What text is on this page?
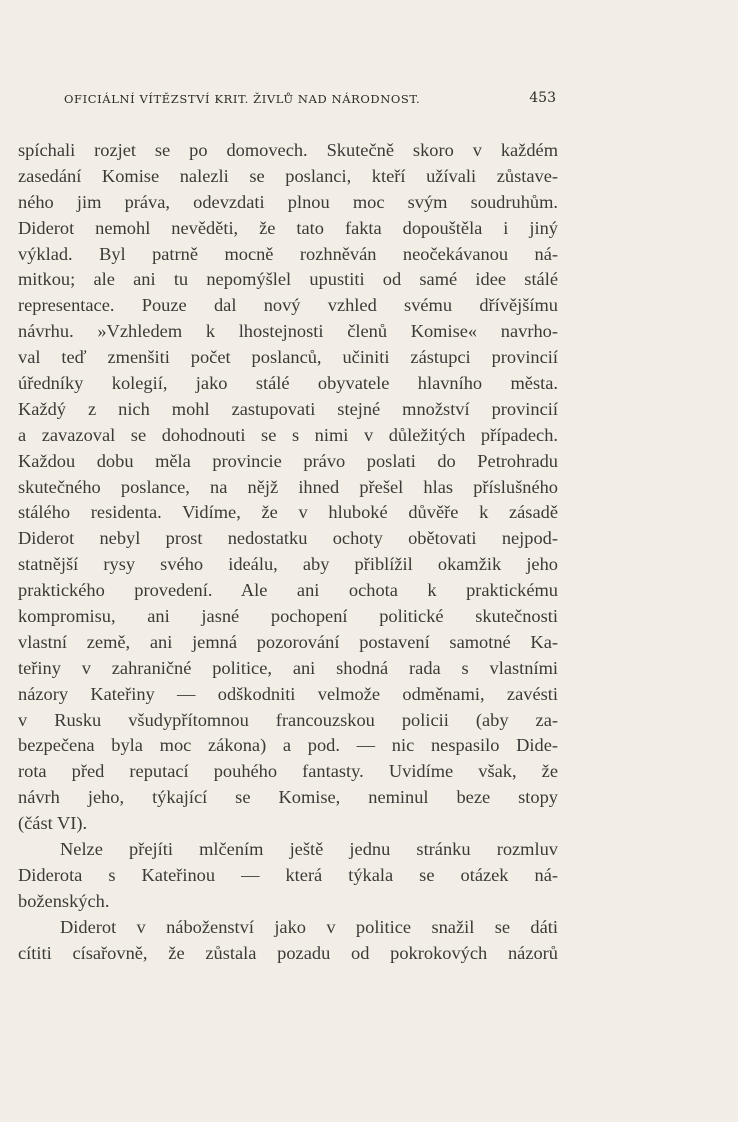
OFICIÁLNÍ VÍTĚZSTVÍ KRIT. ŽIVLŮ NAD NÁRODNOST.	453
spíchali rozjet se po domovech. Skutečně skoro v každém
zasedání Komise nalezli se poslanci, kteří užívali zůstave-
ného jim práva, odevzdati plnou moc svým soudruhům.
Diderot nemohl nevěděti, že tato fakta dopouštěla i jiný
výklad. Byl patrně mocně rozhněván neočekávanou ná-
mitkou; ale ani tu nepomýšlel upustiti od samé idee stálé
representace. Pouze dal nový vzhled svému dřívějšímu
návrhu. »Vzhledem k lhostejnosti členů Komise« navrho-
val teď zmenšiti počet poslanců, učiniti zástupci provincií
úředníky kolegií, jako stálé obyvatele hlavního města.
Každý z nich mohl zastupovati stejné množství provincií
a zavazoval se dohodnouti se s nimi v důležitých případech.
Každou dobu měla provincie právo poslati do Petrohradu
skutečného poslance, na nějž ihned přešel hlas příslušného
stálého residenta. Vidíme, že v hluboké důvěře k zásadě
Diderot nebyl prost nedostatku ochoty obětovati nejpod-
statnější rysy svého ideálu, aby přiblížil okamžik jeho
praktického provedení. Ale ani ochota k praktickému
kompromisu, ani jasné pochopení politické skutečnosti
vlastní země, ani jemná pozorování postavení samotné Ka-
teřiny v zahraničné politice, ani shodná rada s vlastními
názory Kateřiny — odškodniti velmože odměnami, zavésti
v Rusku všudypřítomnou francouzskou policii (aby za-
bezpečena byla moc zákona) a pod. — nic nespasilo Dide-
rota před reputací pouhého fantasty. Uvidíme však, že
návrh jeho, týkající se Komise, neminul beze stopy
(část VI).
Nelze přejíti mlčením ještě jednu stránku rozmluv
Diderota s Kateřinou — která týkala se otázek ná-
boženských.
Diderot v náboženství jako v politice snažil se dáti
cítiti císařovně, že zůstala pozadu od pokrokových názorů
